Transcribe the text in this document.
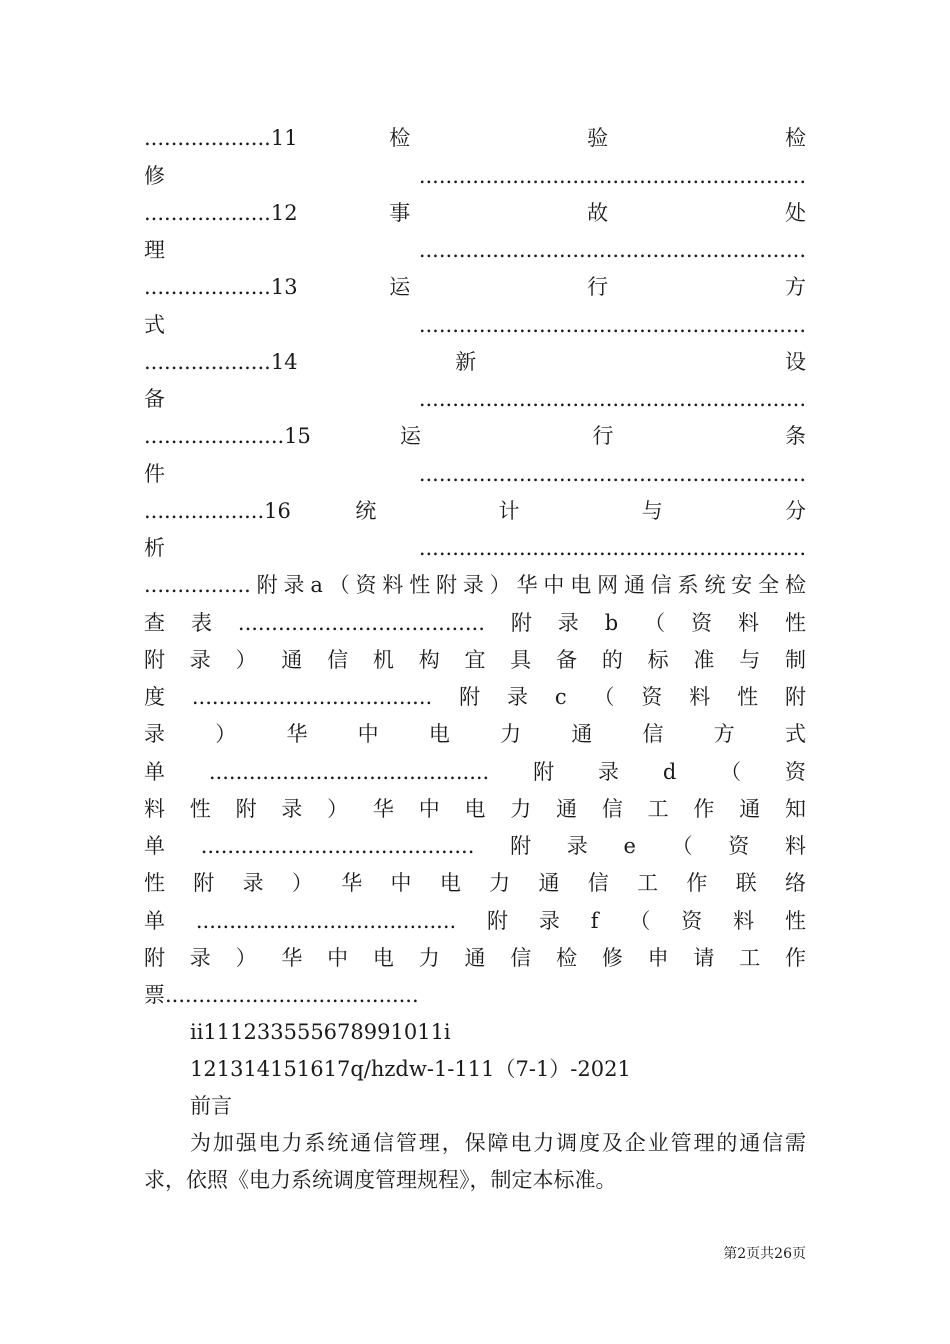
...................11 检 验 检
修..........................................................
...................12 事 故 处
理..........................................................
...................13 运 行 方
式..........................................................
...................14 新 设
备..........................................................
.....................15 运 行 条
件..........................................................
..................16 统 计 与 分
析..........................................................
................附录a（资料性附录）华中电网通信系统安全检
查表.....................................附录b（资料性
附 录 ） 通 信 机 构 宜 具 备 的 标 准 与 制
度....................................附录c（资料性附
录 ） 华 中 电 力 通 信 方 式
单..........................................附录d（资
料 性 附 录 ） 华 中 电 力 通 信 工 作 通 知
单.........................................附录e（资料
性 附 录 ） 华 中 电 力 通 信 工 作 联 络
单.......................................附录f（资料性
附 录 ） 华 中 电 力 通 信 检 修 申 请 工 作
票......................................
ii111233555678991011i
121314151617q/hzdw-1-111（7-1）-2021
前言
为加强电力系统通信管理，保障电力调度及企业管理的通信需
求，依照《电力系统调度管理规程》，制定本标准。
第2页共26页
